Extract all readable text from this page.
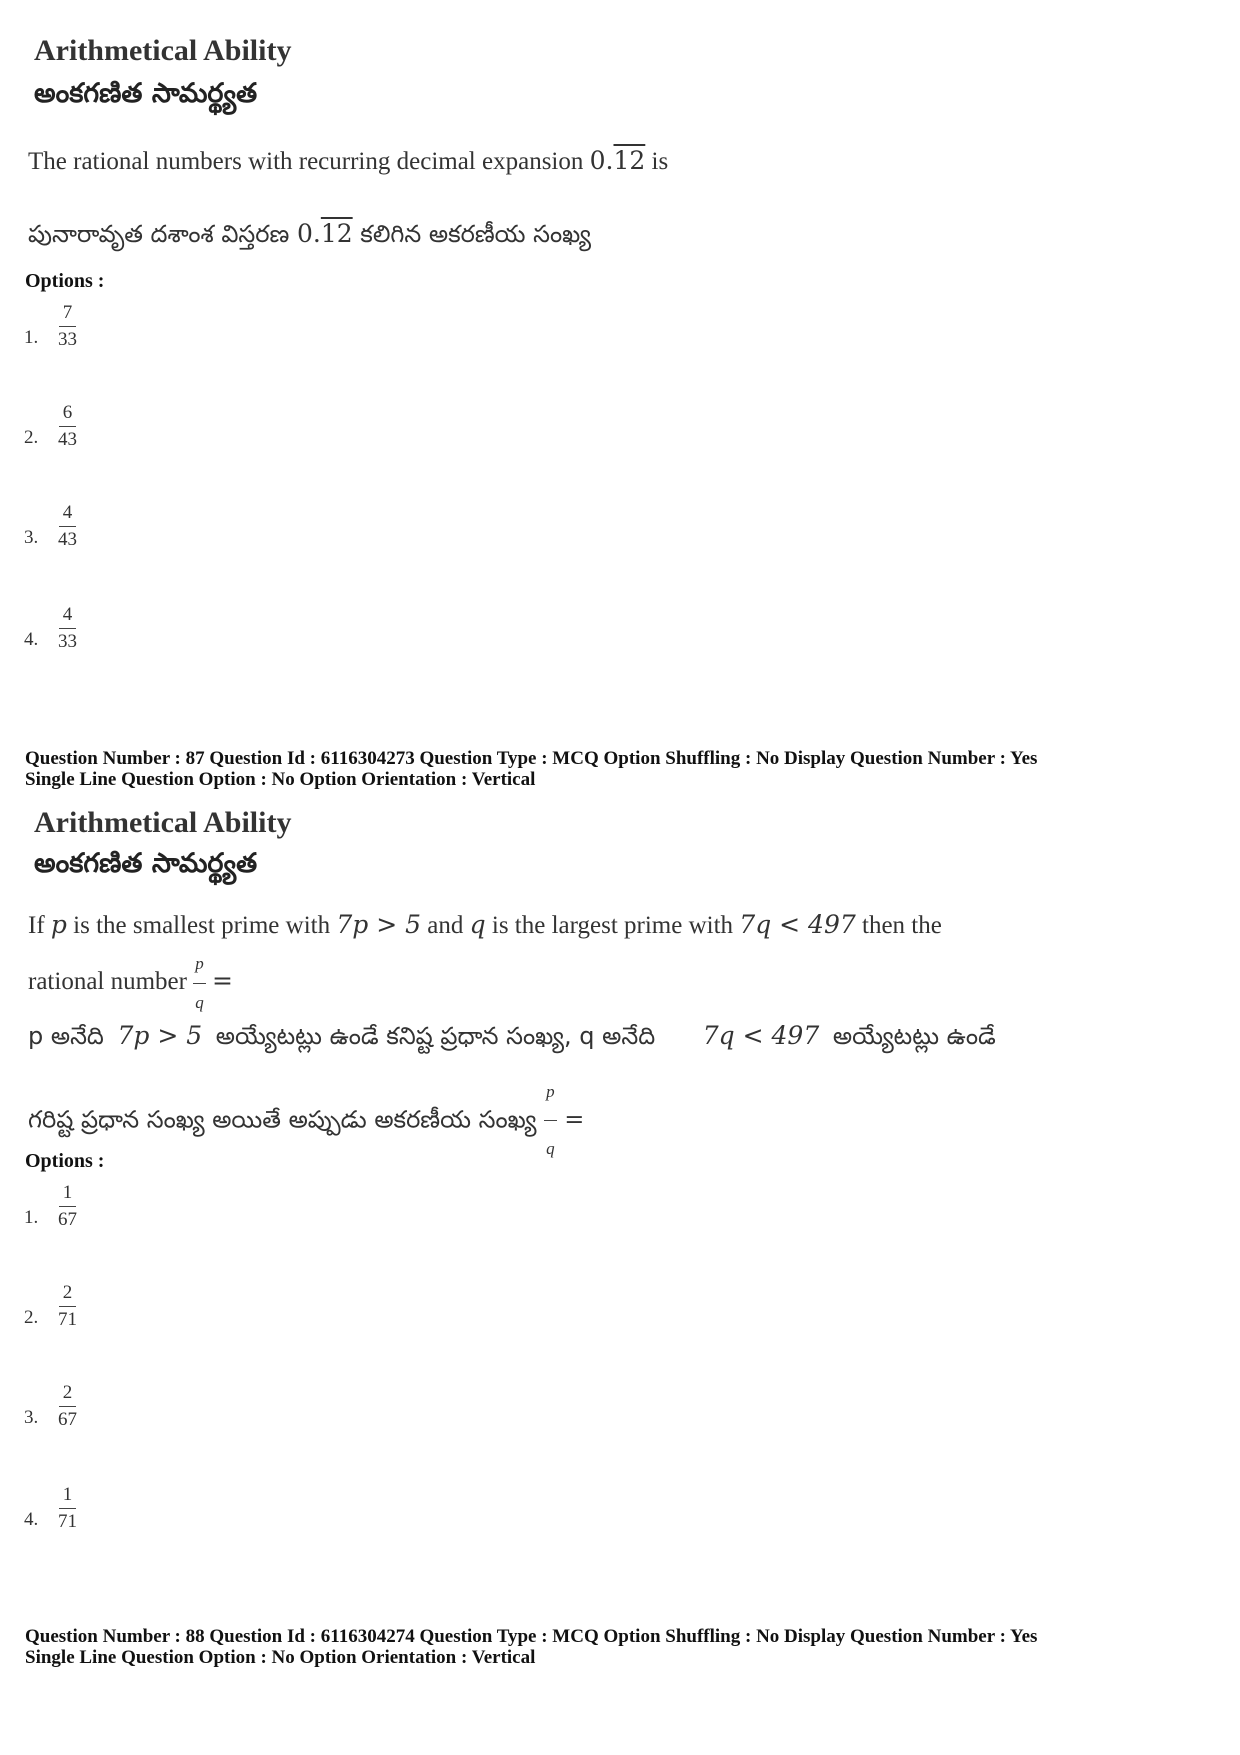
Arithmetical Ability
అంకగణిత సామర్థ్యత
The rational numbers with recurring decimal expansion 0.12 is
పునారావృత దశాంశ విస్తరణ 0.12 కలిగిన అకరణీయ సంఖ్య
Options :
1. $\frac{7}{33}$
2. $\frac{6}{43}$
3. $\frac{4}{43}$
4. $\frac{4}{33}$
Question Number : 87 Question Id : 6116304273 Question Type : MCQ Option Shuffling : No Display Question Number : Yes
Single Line Question Option : No Option Orientation : Vertical
Arithmetical Ability
అంకగణిత సామర్థ్యత
If p is the smallest prime with 7p > 5 and q is the largest prime with 7q < 497 then the
rational number $\frac{p}{q}$ =
p అనేది 7p > 5 అయ్యేటట్లు ఉండే కనిష్ట ప్రధాన సంఖ్య, q అనేది 7q < 497 అయ్యేటట్లు ఉండే
గరిష్ట ప్రధాన సంఖ్య అయితే అప్పుడు అకరణీయ సంఖ్య $\frac{p}{q}$ =
Options :
1. $\frac{1}{67}$
2. $\frac{2}{71}$
3. $\frac{2}{67}$
4. $\frac{1}{71}$
Question Number : 88 Question Id : 6116304274 Question Type : MCQ Option Shuffling : No Display Question Number : Yes
Single Line Question Option : No Option Orientation : Vertical
